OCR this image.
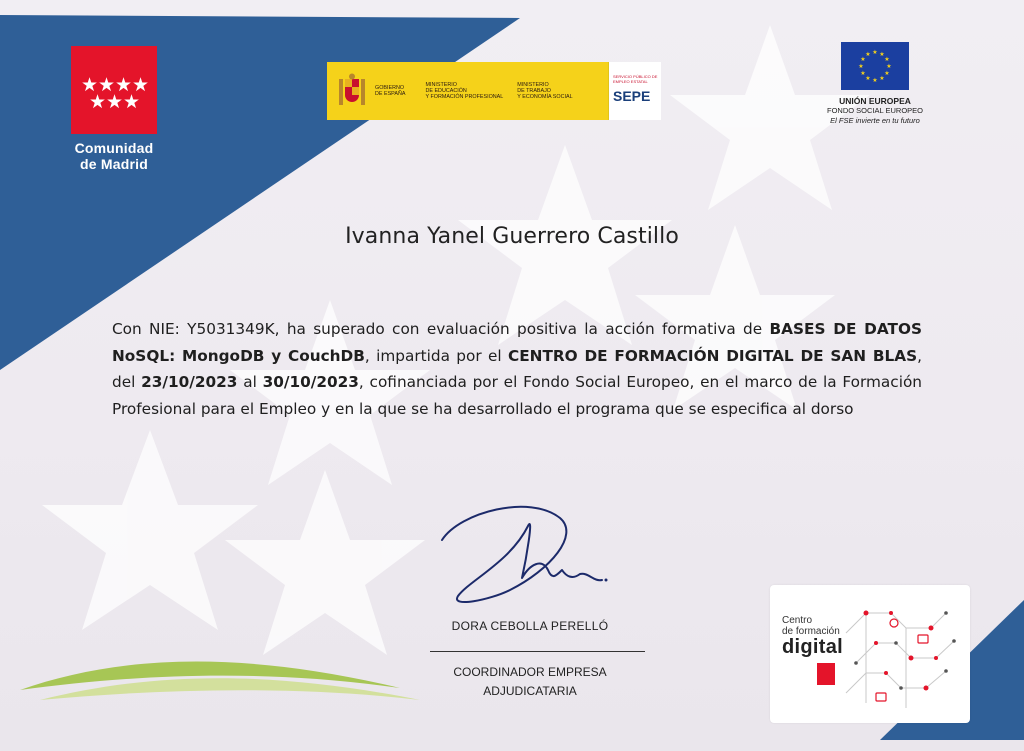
★ ★ ★ ★
★ ★ ★
Comunidad
de Madrid
GOBIERNO
DE ESPAÑA
MINISTERIO
DE EDUCACIÓN
Y FORMACIÓN PROFESIONAL
MINISTERIO
DE TRABAJO
Y ECONOMÍA SOCIAL
SERVICIO PÚBLICO DE EMPLEO ESTATAL
SEPE
★ ★
★
★
★
★
★
★
★
★
★
★
UNIÓN EUROPEA
FONDO SOCIAL EUROPEO
El FSE invierte en tu futuro
Ivanna Yanel Guerrero Castillo
Con NIE: Y5031349K, ha superado con evaluación positiva la acción formativa de BASES DE DATOS NoSQL: MongoDB y CouchDB, impartida por el CENTRO DE FORMACIÓN DIGITAL DE SAN BLAS, del 23/10/2023 al 30/10/2023, cofinanciada por el Fondo Social Europeo, en el marco de la Formación Profesional para el Empleo y en la que se ha desarrollado el programa que se especifica al dorso
DORA CEBOLLA PERELLÓ
COORDINADOR EMPRESA
ADJUDICATARIA
Centro
de formación
digital
